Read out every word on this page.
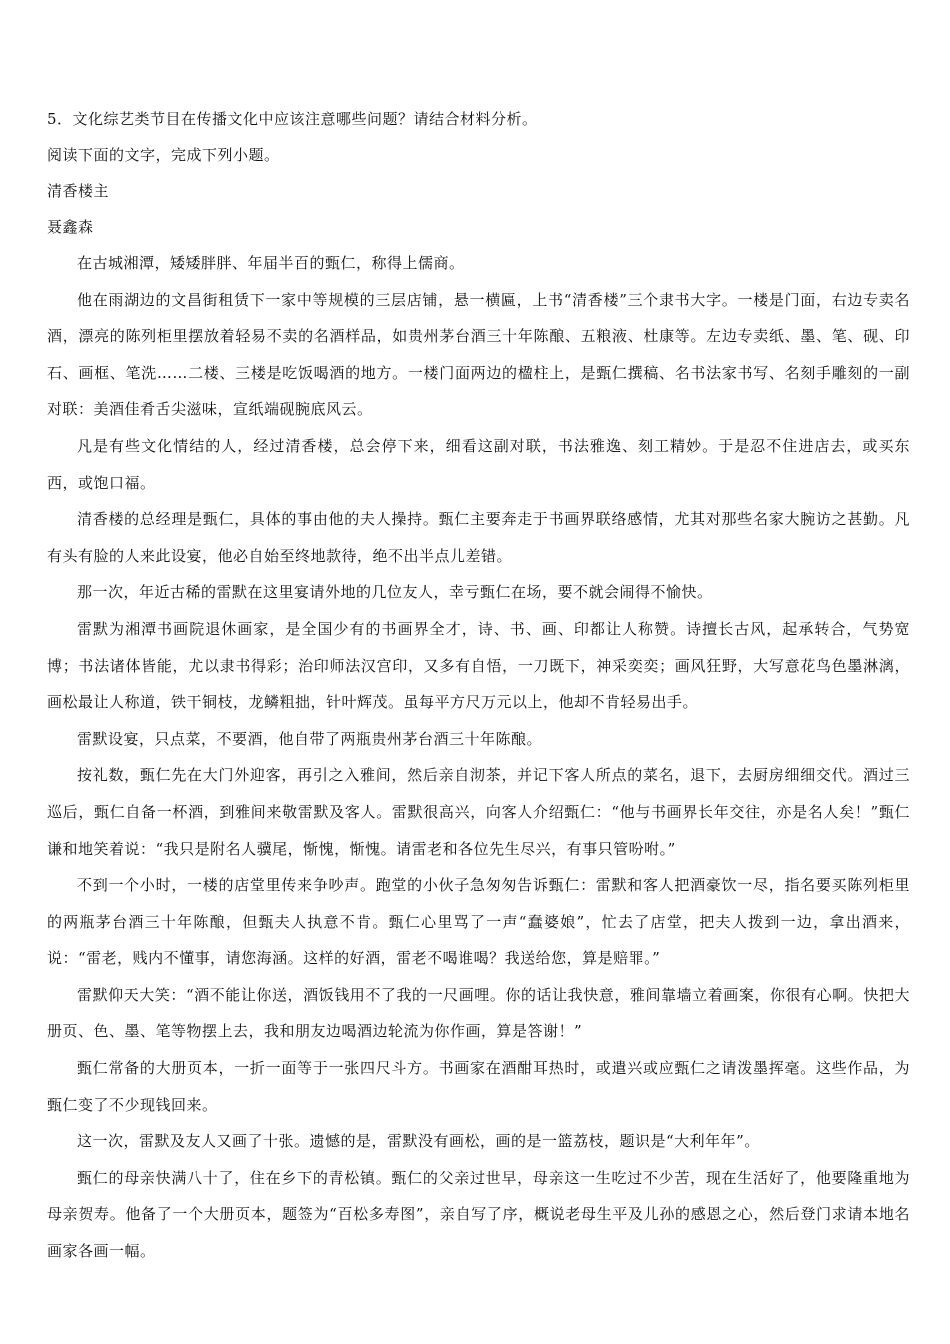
5．文化综艺类节目在传播文化中应该注意哪些问题？请结合材料分析。

阅读下面的文字，完成下列小题。

清香楼主

聂鑫森

在古城湘潭，矮矮胖胖、年届半百的甄仁，称得上儒商。

他在雨湖边的文昌街租赁下一家中等规模的三层店铺，悬一横匾，上书“清香楼”三个隶书大字。一楼是门面，右边专卖名酒，漂亮的陈列柜里摆放着轻易不卖的名酒样品，如贵州茅台酒三十年陈酿、五粮液、杜康等。左边专卖纸、墨、笔、砚、印石、画框、笔洗……二楼、三楼是吃饭喝酒的地方。一楼门面两边的楹柱上，是甄仁撰稿、名书法家书写、名刻手雕刻的一副对联：美酒佳肴舌尖滋味，宣纸端砚腕底风云。

凡是有些文化情结的人，经过清香楼，总会停下来，细看这副对联，书法雅逸、刻工精妙。于是忍不住进店去，或买东西，或饱口福。

清香楼的总经理是甄仁，具体的事由他的夫人操持。甄仁主要奔走于书画界联络感情，尤其对那些名家大腕访之甚勤。凡有头有脸的人来此设宴，他必自始至终地款待，绝不出半点儿差错。

那一次，年近古稀的雷默在这里宴请外地的几位友人，幸亏甄仁在场，要不就会闹得不愉快。

雷默为湘潭书画院退休画家，是全国少有的书画界全才，诗、书、画、印都让人称赞。诗擅长古风，起承转合，气势宽博；书法诸体皆能，尤以隶书得彩；治印师法汉宫印，又多有自悟，一刀既下，神采奕奕；画风狂野，大写意花鸟色墨淋漓，画松最让人称道，铁干铜枝，龙鳞粗拙，针叶辉茂。虽每平方尺万元以上，他却不肯轻易出手。

雷默设宴，只点菜，不要酒，他自带了两瓶贵州茅台酒三十年陈酿。

按礼数，甄仁先在大门外迎客，再引之入雅间，然后亲自沏茶，并记下客人所点的菜名，退下，去厨房细细交代。酒过三巡后，甄仁自备一杯酒，到雅间来敬雷默及客人。雷默很高兴，向客人介绍甄仁：“他与书画界长年交往，亦是名人矣！”甄仁谦和地笑着说：“我只是附名人骥尾，惭愧，惭愧。请雷老和各位先生尽兴，有事只管吩咐。”

不到一个小时，一楼的店堂里传来争吵声。跑堂的小伙子急匆匆告诉甄仁：雷默和客人把酒豪饮一尽，指名要买陈列柜里的两瓶茅台酒三十年陈酿，但甄夫人执意不肯。甄仁心里骂了一声“蠢婆娘”，忙去了店堂，把夫人拨到一边，拿出酒来，说：“雷老，贱内不懂事，请您海涵。这样的好酒，雷老不喝谁喝？我送给您，算是赔罪。”

雷默仰天大笑：“酒不能让你送，酒饭钱用不了我的一尺画哩。你的话让我快意，雅间靠墙立着画案，你很有心啊。快把大册页、色、墨、笔等物摆上去，我和朋友边喝酒边轮流为你作画，算是答谢！”

甄仁常备的大册页本，一折一面等于一张四尺斗方。书画家在酒酣耳热时，或遣兴或应甄仁之请泼墨挥毫。这些作品，为甄仁变了不少现钱回来。

这一次，雷默及友人又画了十张。遗憾的是，雷默没有画松，画的是一篮荔枝，题识是“大利年年”。

甄仁的母亲快满八十了，住在乡下的青松镇。甄仁的父亲过世早，母亲这一生吃过不少苦，现在生活好了，他要隆重地为母亲贺寿。他备了一个大册页本，题签为“百松多寿图”，亲自写了序，概说老母生平及儿孙的感恩之心，然后登门求请本地名画家各画一幅。
